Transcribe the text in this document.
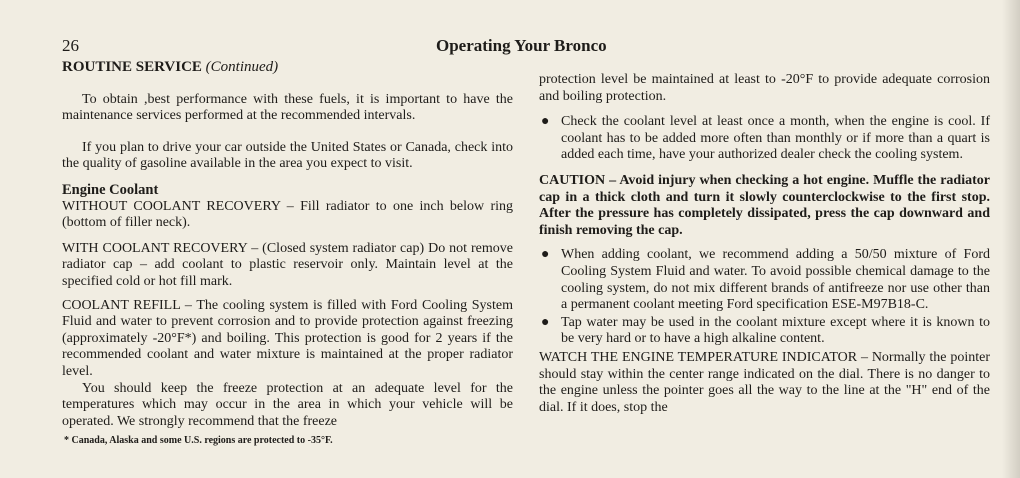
26	Operating Your Bronco
ROUTINE SERVICE (Continued)

To obtain ,best performance with these fuels, it is important to have the maintenance services performed at the recommended intervals.

If you plan to drive your car outside the United States or Canada, check into the quality of gasoline available in the area you expect to visit.

Engine Coolant

WITHOUT COOLANT RECOVERY – Fill radiator to one inch below ring (bottom of filler neck).

WITH COOLANT RECOVERY – (Closed system radiator cap) Do not remove radiator cap – add coolant to plastic reservoir only. Maintain level at the specified cold or hot fill mark.

COOLANT REFILL – The cooling system is filled with Ford Cooling System Fluid and water to prevent corrosion and to provide protection against freezing (approximately -20°F*) and boiling. This protection is good for 2 years if the recommended coolant and water mixture is maintained at the proper radiator level.

You should keep the freeze protection at an adequate level for the temperatures which may occur in the area in which your vehicle will be operated. We strongly recommend that the freeze

* Canada, Alaska and some U.S. regions are protected to -35°F.

protection level be maintained at least to -20°F to provide adequate corrosion and boiling protection.

● Check the coolant level at least once a month, when the engine is cool. If coolant has to be added more often than monthly or if more than a quart is added each time, have your authorized dealer check the cooling system.

CAUTION – Avoid injury when checking a hot engine. Muffle the radiator cap in a thick cloth and turn it slowly counterclockwise to the first stop. After the pressure has completely dissipated, press the cap downward and finish removing the cap.

● When adding coolant, we recommend adding a 50/50 mixture of Ford Cooling System Fluid and water. To avoid possible chemical damage to the cooling system, do not mix different brands of antifreeze nor use other than a permanent coolant meeting Ford specification ESE-M97B18-C.
● Tap water may be used in the coolant mixture except where it is known to be very hard or to have a high alkaline content.

WATCH THE ENGINE TEMPERATURE INDICATOR – Normally the pointer should stay within the center range indicated on the dial. There is no danger to the engine unless the pointer goes all the way to the line at the "H" end of the dial. If it does, stop the
